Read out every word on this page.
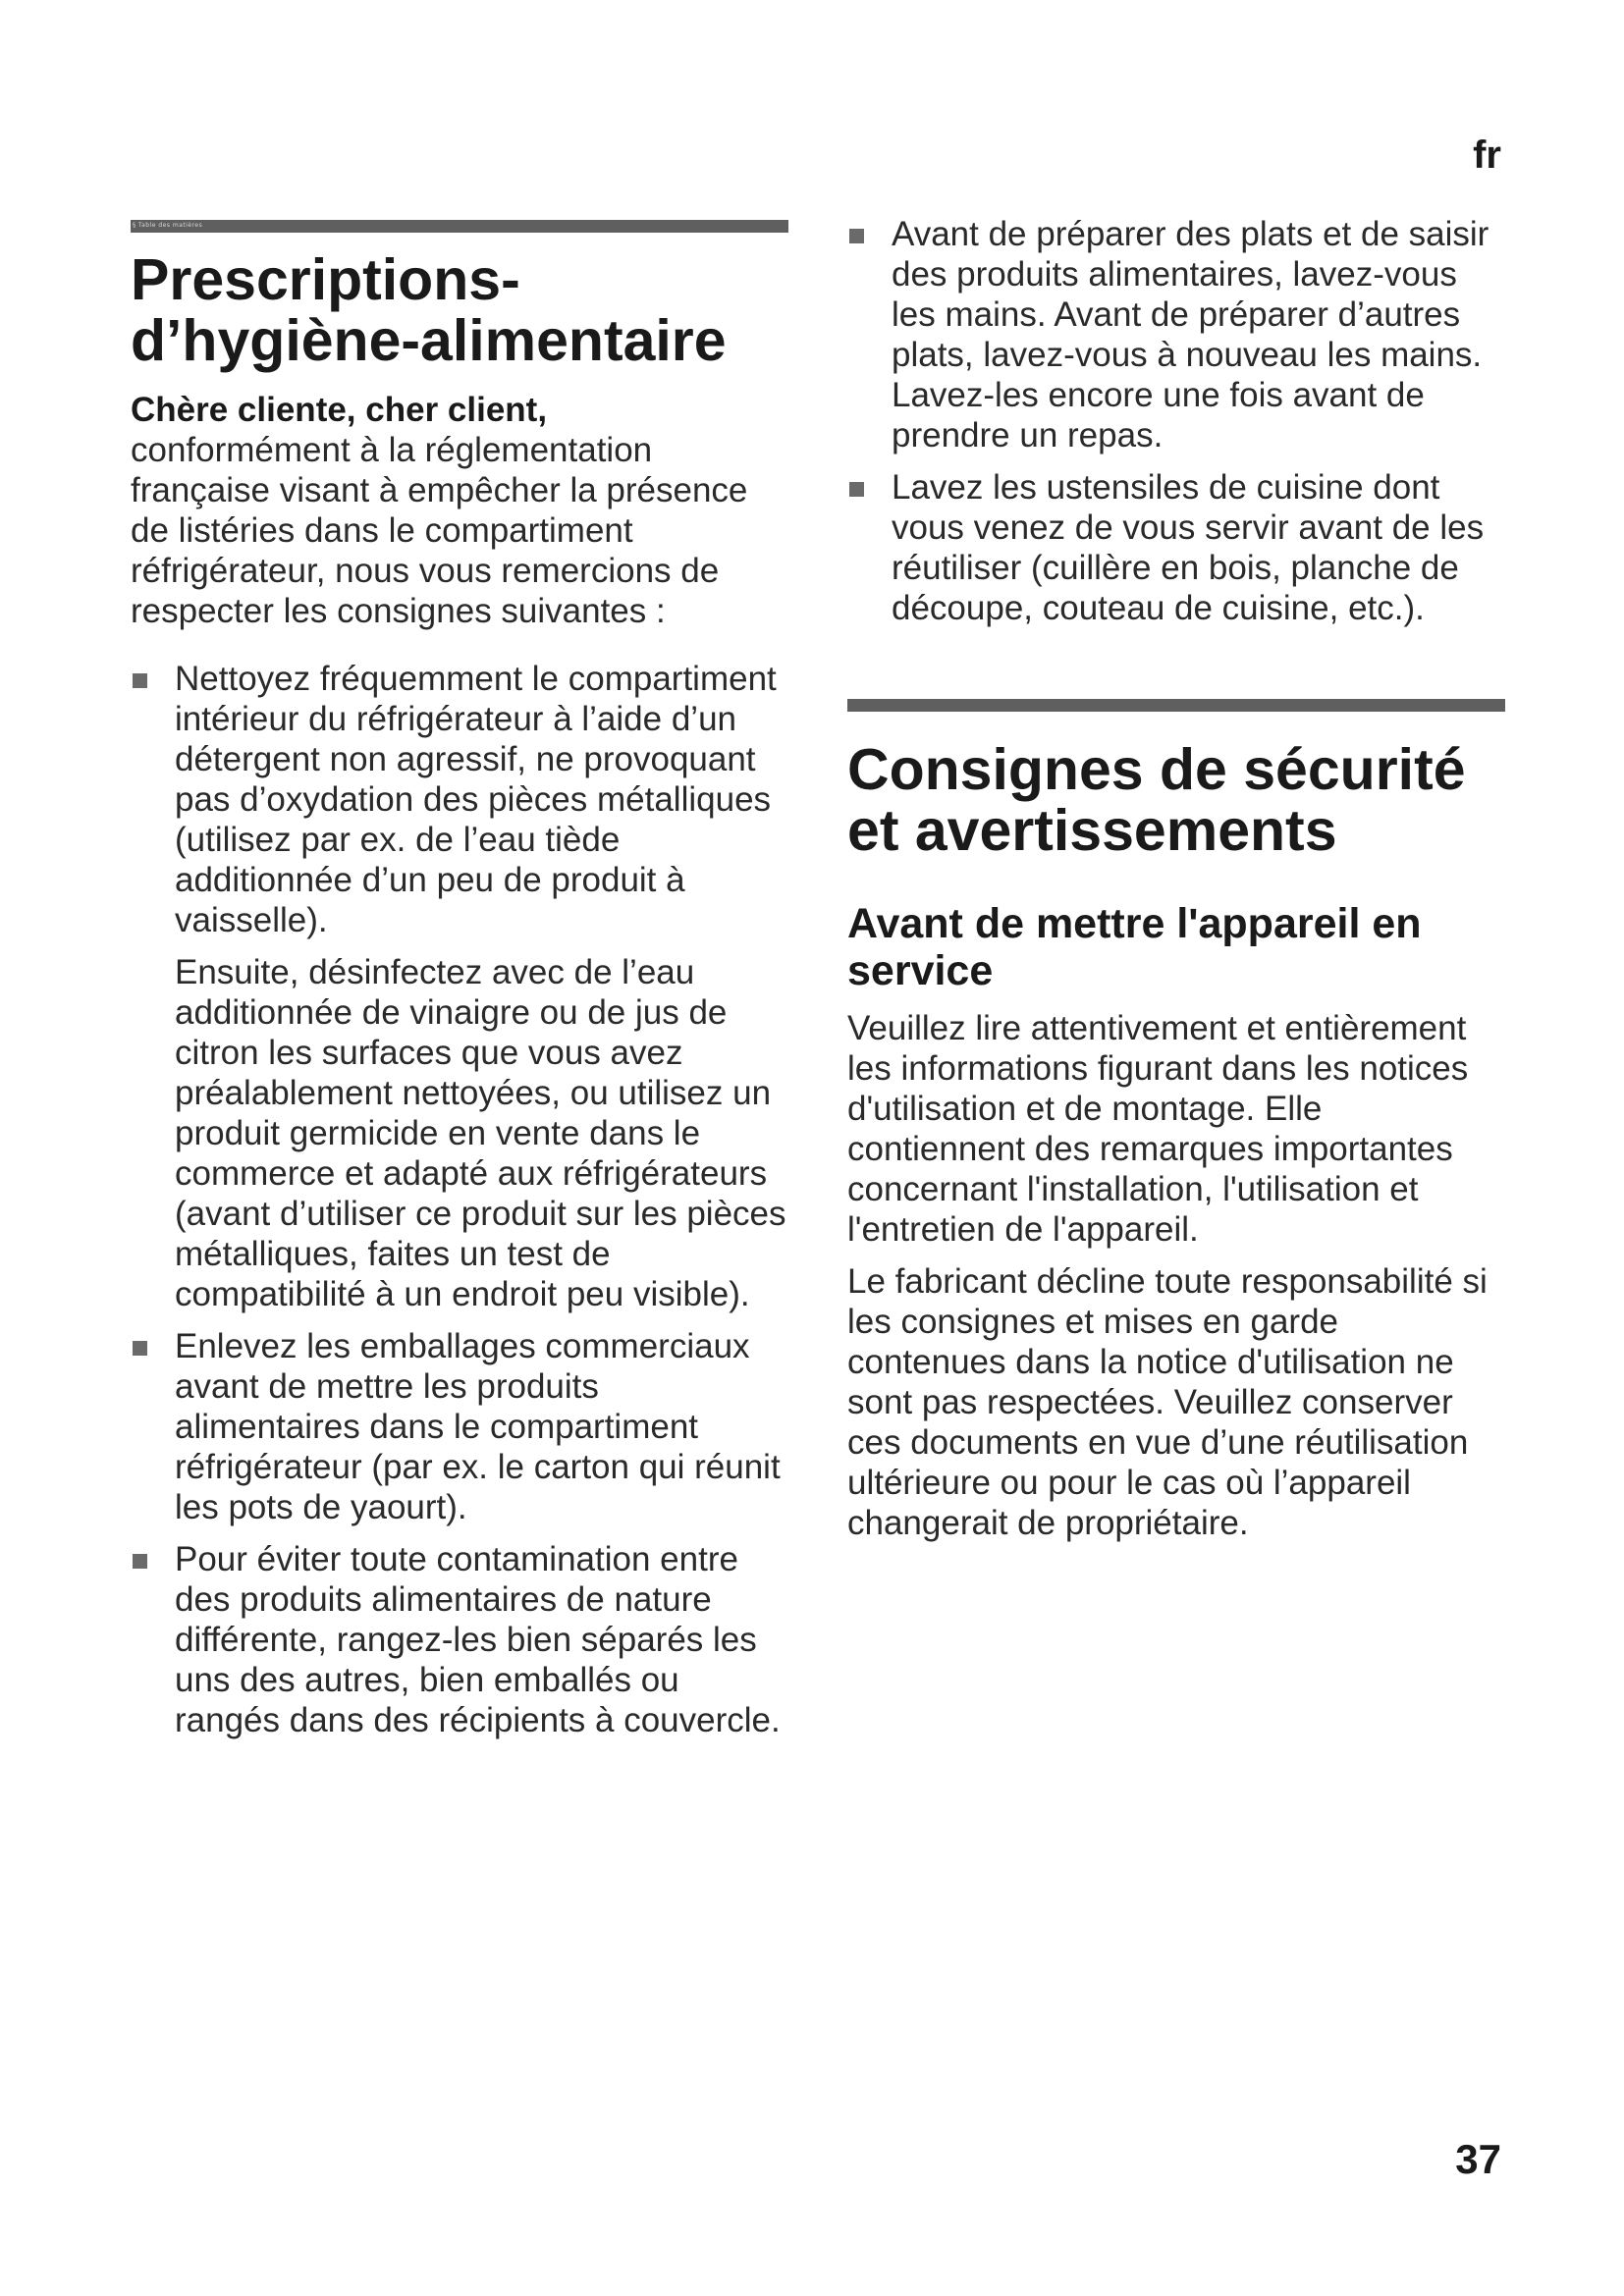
fr
§ Table des matières
Prescriptions-
d’hygiène-alimentaire

Chère cliente, cher client,

conformément à la réglementation française visant à empêcher la présence de listéries dans le compartiment réfrigérateur, nous vous remercions de respecter les consignes suivantes :

Nettoyez fréquemment le compartiment intérieur du réfrigérateur à l’aide d’un détergent non agressif, ne provoquant pas d’oxydation des pièces métalliques (utilisez par ex. de l’eau tiède additionnée d’un peu de produit à vaisselle).

Ensuite, désinfectez avec de l’eau additionnée de vinaigre ou de jus de citron les surfaces que vous avez préalablement nettoyées, ou utilisez un produit germicide en vente dans le commerce et adapté aux réfrigérateurs (avant d’utiliser ce produit sur les pièces métalliques, faites un test de compatibilité à un endroit peu visible).

Enlevez les emballages commerciaux avant de mettre les produits alimentaires dans le compartiment réfrigérateur (par ex. le carton qui réunit les pots de yaourt).
Pour éviter toute contamination entre des produits alimentaires de nature différente, rangez-les bien séparés les uns des autres, bien emballés ou rangés dans des récipients à couvercle.
Avant de préparer des plats et de saisir des produits alimentaires, lavez-vous les mains. Avant de préparer d’autres plats, lavez-vous à nouveau les mains. Lavez-les encore une fois avant de prendre un repas.
Lavez les ustensiles de cuisine dont vous venez de vous servir avant de les réutiliser (cuillère en bois, planche de découpe, couteau de cuisine, etc.).
Consignes de sécurité
et avertissements
Avant de mettre l'appareil en service

Veuillez lire attentivement et entièrement les informations figurant dans les notices d'utilisation et de montage. Elle contiennent des remarques importantes concernant l'installation, l'utilisation et l'entretien de l'appareil.

Le fabricant décline toute responsabilité si les consignes et mises en garde contenues dans la notice d'utilisation ne sont pas respectées. Veuillez conserver ces documents en vue d’une réutilisation ultérieure ou pour le cas où l’appareil changerait de propriétaire.

37
